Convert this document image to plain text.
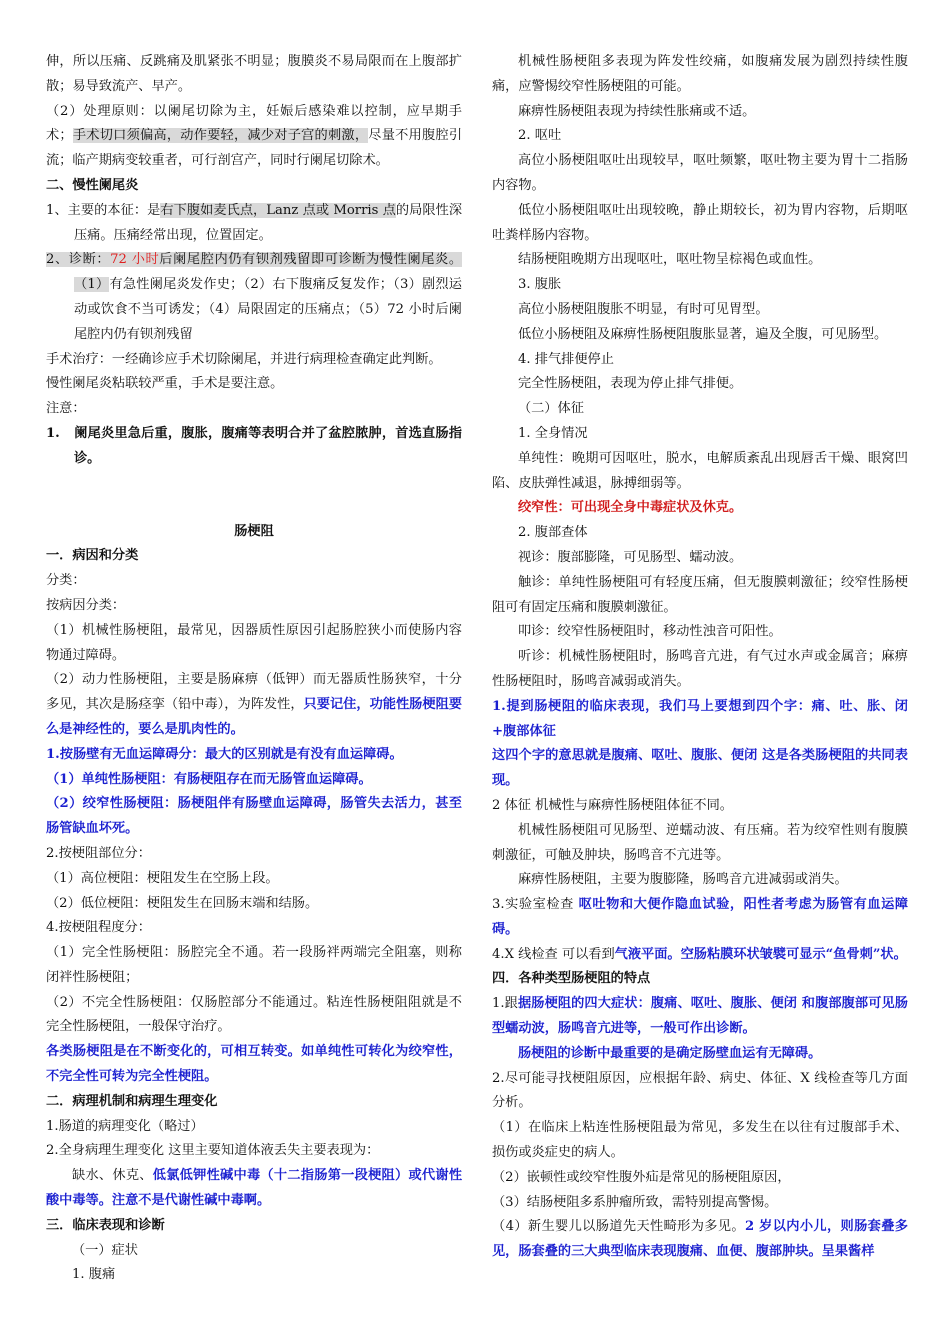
伸，所以压痛、反跳痛及肌紧张不明显；腹膜炎不易局限而在上腹部扩散；易导致流产、早产。

（2）处理原则：以阑尾切除为主，妊娠后感染难以控制，应早期手术；手术切口须偏高，动作要轻，减少对子宫的刺激，尽量不用腹腔引流；临产期病变较重者，可行剖宫产，同时行阑尾切除术。

二、慢性阑尾炎

1、主要的本征：是右下腹如麦氏点，Lanz 点或 Morris 点的局限性深压痛。压痛经常出现，位置固定。

2、诊断：72 小时后阑尾腔内仍有钡剂残留即可诊断为慢性阑尾炎。（1）有急性阑尾炎发作史；（2）右下腹痛反复发作；（3）剧烈运动或饮食不当可诱发；（4）局限固定的压痛点；（5）72 小时后阑尾腔内仍有钡剂残留

手术治疗：一经确诊应手术切除阑尾，并进行病理检查确定此判断。

慢性阑尾炎粘联较严重，手术是要注意。

注意：

1. 阑尾炎里急后重，腹胀，腹痛等表明合并了盆腔脓肿，首选直肠指诊。

肠梗阻

一．病因和分类

分类：

按病因分类：

（1）机械性肠梗阻，最常见，因器质性原因引起肠腔狭小而使肠内容物通过障碍。

（2）动力性肠梗阻，主要是肠麻痹（低钾）而无器质性肠狭窄，十分多见，其次是肠痉挛（铅中毒），为阵发性，只要记住，功能性肠梗阻要么是神经性的，要么是肌肉性的。

1.按肠壁有无血运障碍分：最大的区别就是有没有血运障碍。

（1）单纯性肠梗阻：有肠梗阻存在而无肠管血运障碍。

（2）绞窄性肠梗阻：肠梗阻伴有肠壁血运障碍，肠管失去活力，甚至肠管缺血坏死。

2.按梗阻部位分：

（1）高位梗阻：梗阻发生在空肠上段。

（2）低位梗阻：梗阻发生在回肠末端和结肠。

4.按梗阻程度分：

（1）完全性肠梗阻：肠腔完全不通。若一段肠袢两端完全阻塞，则称闭袢性肠梗阻；

（2）不完全性肠梗阻：仅肠腔部分不能通过。粘连性肠梗阻阻就是不完全性肠梗阻，一般保守治疗。

各类肠梗阻是在不断变化的，可相互转变。如单纯性可转化为绞窄性，不完全性可转为完全性梗阻。

二．病理机制和病理生理变化

1.肠道的病理变化（略过）

2.全身病理生理变化 这里主要知道体液丢失主要表现为：

缺水、休克、低氯低钾性碱中毒（十二指肠第一段梗阻）或代谢性酸中毒等。注意不是代谢性碱中毒啊。

三．临床表现和诊断

（一）症状

1. 腹痛

机械性肠梗阻多表现为阵发性绞痛，如腹痛发展为剧烈持续性腹痛，应警惕绞窄性肠梗阻的可能。

麻痹性肠梗阻表现为持续性胀痛或不适。

2. 呕吐

高位小肠梗阻呕吐出现较早，呕吐频繁，呕吐物主要为胃十二指肠内容物。

低位小肠梗阻呕吐出现较晚，静止期较长，初为胃内容物，后期呕吐粪样肠内容物。

结肠梗阻晚期方出现呕吐，呕吐物呈棕褐色或血性。

3. 腹胀

高位小肠梗阻腹胀不明显，有时可见胃型。

低位小肠梗阻及麻痹性肠梗阻腹胀显著，遍及全腹，可见肠型。

4. 排气排便停止

完全性肠梗阻，表现为停止排气排便。

（二）体征

1. 全身情况

单纯性：晚期可因呕吐，脱水，电解质紊乱出现唇舌干燥、眼窝凹陷、皮肤弹性减退，脉搏细弱等。

绞窄性：可出现全身中毒症状及休克。

2. 腹部查体

视诊：腹部膨隆，可见肠型、蠕动波。

触诊：单纯性肠梗阻可有轻度压痛，但无腹膜刺激征；绞窄性肠梗阻可有固定压痛和腹膜刺激征。

叩诊：绞窄性肠梗阻时，移动性浊音可阳性。

听诊：机械性肠梗阻时，肠鸣音亢进，有气过水声或金属音；麻痹性肠梗阻时，肠鸣音减弱或消失。

1.提到肠梗阻的临床表现，我们马上要想到四个字：痛、吐、胀、闭+腹部体征

这四个字的意思就是腹痛、呕吐、腹胀、便闭 这是各类肠梗阻的共同表现。

2 体征 机械性与麻痹性肠梗阻体征不同。

机械性肠梗阻可见肠型、逆蠕动波、有压痛。若为绞窄性则有腹膜刺激征，可触及肿块，肠鸣音不亢进等。

麻痹性肠梗阻，主要为腹膨隆，肠鸣音亢进减弱或消失。

3.实验室检查 呕吐物和大便作隐血试验，阳性者考虑为肠管有血运障碍。

4.X 线检查 可以看到气液平面。空肠粘膜环状皱襞可显示“鱼骨刺”状。

四．各种类型肠梗阻的特点

1.跟据肠梗阻的四大症状：腹痛、呕吐、腹胀、便闭 和腹部腹部可见肠型蠕动波，肠鸣音亢进等，一般可作出诊断。

肠梗阻的诊断中最重要的是确定肠壁血运有无障碍。

2.尽可能寻找梗阻原因，应根据年龄、病史、体征、X 线检查等几方面分析。

（1）在临床上粘连性肠梗阻最为常见，多发生在以往有过腹部手术、损伤或炎症史的病人。

（2）嵌顿性或绞窄性腹外疝是常见的肠梗阻原因，

（3）结肠梗阻多系肿瘤所致，需特别提高警惕。

（4）新生婴儿以肠道先天性畸形为多见。2 岁以内小儿，则肠套叠多见，肠套叠的三大典型临床表现腹痛、血便、腹部肿块。呈果酱样
